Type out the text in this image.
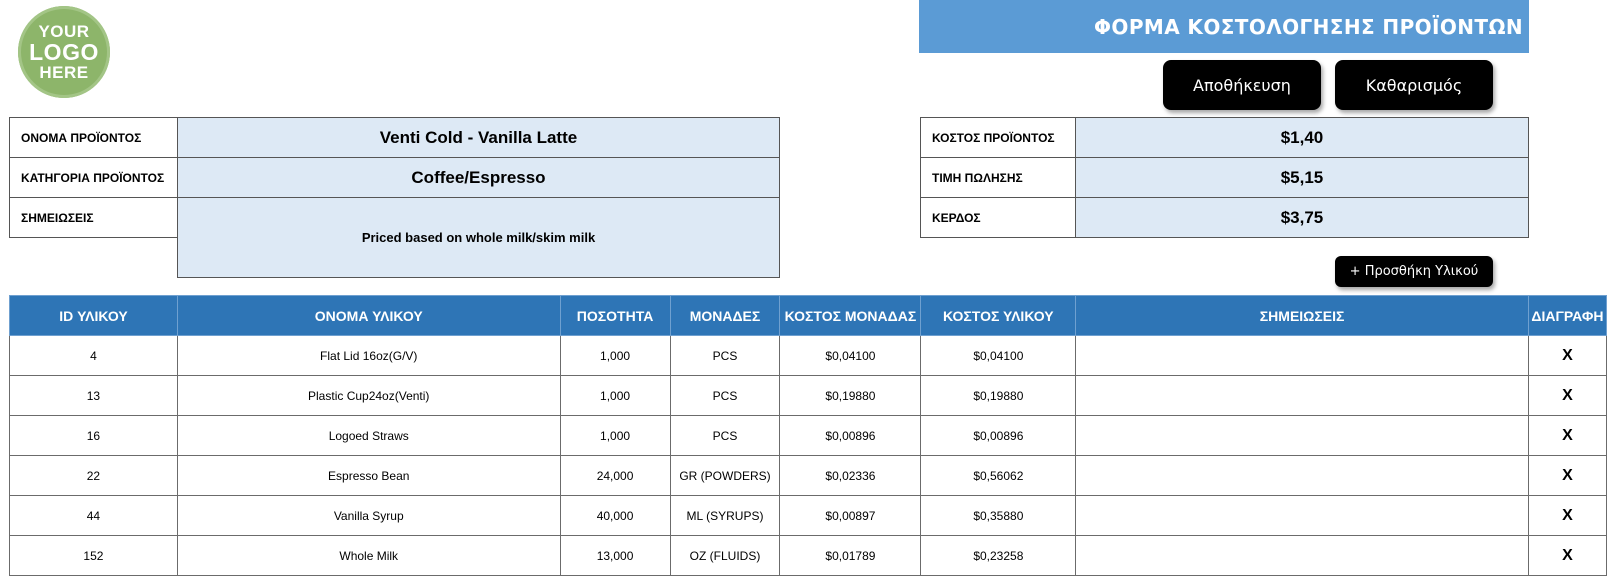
YOUR
LOGO
HERE
ΦΟΡΜΑ ΚΟΣΤΟΛΟΓΗΣΗΣ ΠΡΟΪΟΝΤΩΝ
Αποθήκευση	Καθαρισμός
+ Προσθήκη Υλικού
ΟΝΟΜΑ ΠΡΟΪΟΝΤΟΣ	Venti Cold - Vanilla Latte
ΚΑΤΗΓΟΡΙΑ ΠΡΟΪΟΝΤΟΣ	Coffee/Espresso
ΣΗΜΕΙΩΣΕΙΣ	Priced based on whole milk/skim milk

ΚΟΣΤΟΣ ΠΡΟΪΟΝΤΟΣ	$1,40
ΤΙΜΗ ΠΩΛΗΣΗΣ	$5,15
ΚΕΡΔΟΣ	$3,75
ID ΥΛΙΚΟΥ	ΟΝΟΜΑ ΥΛΙΚΟΥ	ΠΟΣΟΤΗΤΑ	ΜΟΝΑΔΕΣ	ΚΟΣΤΟΣ ΜΟΝΑΔΑΣ	ΚΟΣΤΟΣ ΥΛΙΚΟΥ	ΣΗΜΕΙΩΣΕΙΣ	ΔΙΑΓΡΑΦΗ
4	Flat Lid 16oz(G/V)	1,000	PCS	$0,04100	$0,04100		X
13	Plastic Cup24oz(Venti)	1,000	PCS	$0,19880	$0,19880		X
16	Logoed Straws	1,000	PCS	$0,00896	$0,00896		X
22	Espresso Bean	24,000	GR (POWDERS)	$0,02336	$0,56062		X
44	Vanilla Syrup	40,000	ML (SYRUPS)	$0,00897	$0,35880		X
152	Whole Milk	13,000	OZ (FLUIDS)	$0,01789	$0,23258		X
